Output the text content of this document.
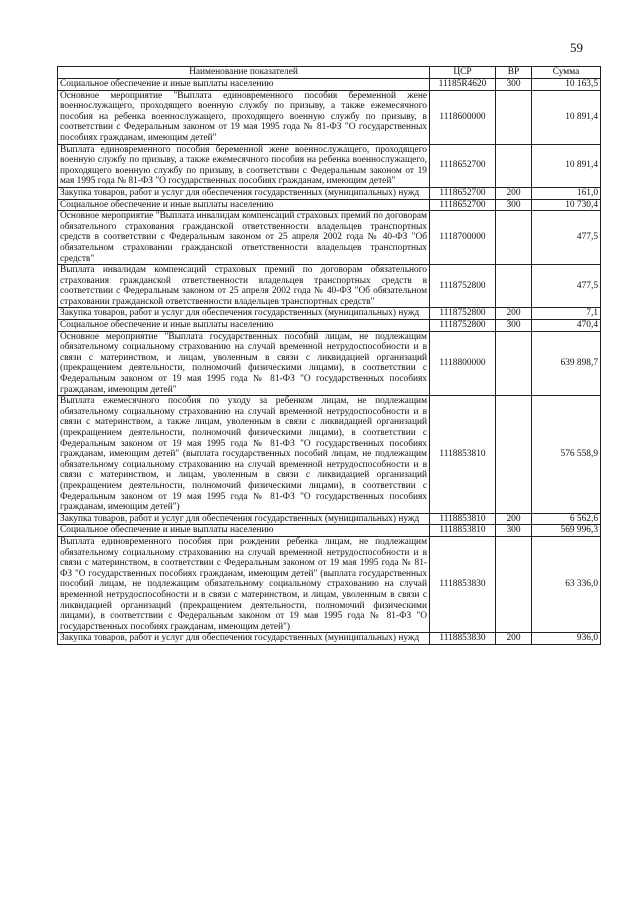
59
Наименование показателей	ЦСР	ВР	Сумма
Социальное обеспечение и иные выплаты населению	11185R4620	300	10 163,5
Основное мероприятие "Выплата единовременного пособия беременной жене военнослужащего, проходящего военную службу по призыву, а также ежемесячного пособия на ребенка военнослужащего, проходящего военную службу по призыву, в соответствии с Федеральным законом от 19 мая 1995 года № 81-ФЗ "О государственных пособиях гражданам, имеющим детей"	1118600000		10 891,4
Выплата единовременного пособия беременной жене военнослужащего, проходящего военную службу по призыву, а также ежемесячного пособия на ребенка военнослужащего, проходящего военную службу по призыву, в соответствии с Федеральным законом от 19 мая 1995 года № 81-ФЗ "О государственных пособиях гражданам, имеющим детей"	1118652700		10 891,4
Закупка товаров, работ и услуг для обеспечения государственных (муниципальных) нужд	1118652700	200	161,0
Социальное обеспечение и иные выплаты населению	1118652700	300	10 730,4
Основное мероприятие "Выплата инвалидам компенсаций страховых премий по договорам обязательного страхования гражданской ответственности владельцев транспортных средств в соответствии с Федеральным законом от 25 апреля 2002 года № 40-ФЗ "Об обязательном страховании гражданской ответственности владельцев транспортных средств"	1118700000		477,5
Выплата инвалидам компенсаций страховых премий по договорам обязательного страхования гражданской ответственности владельцев транспортных средств в соответствии с Федеральным законом от 25 апреля 2002 года № 40-ФЗ "Об обязательном страховании гражданской ответственности владельцев транспортных средств"	1118752800		477,5
Закупка товаров, работ и услуг для обеспечения государственных (муниципальных) нужд	1118752800	200	7,1
Социальное обеспечение и иные выплаты населению	1118752800	300	470,4
Основное мероприятие "Выплата государственных пособий лицам, не подлежащим обязательному социальному страхованию на случай временной нетрудоспособности и в связи с материнством, и лицам, уволенным в связи с ликвидацией организаций (прекращением деятельности, полномочий физическими лицами), в соответствии с Федеральным законом от 19 мая 1995 года № 81-ФЗ "О государственных пособиях гражданам, имеющим детей"	1118800000		639 898,7
Выплата ежемесячного пособия по уходу за ребенком лицам, не подлежащим обязательному социальному страхованию на случай временной нетрудоспособности и в связи с материнством, а также лицам, уволенным в связи с ликвидацией организаций (прекращением деятельности, полномочий физическими лицами), в соответствии с Федеральным законом от 19 мая 1995 года № 81-ФЗ "О государственных пособиях гражданам, имеющим детей" (выплата государственных пособий лицам, не подлежащим обязательному социальному страхованию на случай временной нетрудоспособности и в связи с материнством, и лицам, уволенным в связи с ликвидацией организаций (прекращением деятельности, полномочий физическими лицами), в соответствии с Федеральным законом от 19 мая 1995 года № 81-ФЗ "О государственных пособиях гражданам, имеющим детей")	1118853810		576 558,9
Закупка товаров, работ и услуг для обеспечения государственных (муниципальных) нужд	1118853810	200	6 562,6
Социальное обеспечение и иные выплаты населению	1118853810	300	569 996,3
Выплата единовременного пособия при рождении ребенка лицам, не подлежащим обязательному социальному страхованию на случай временной нетрудоспособности и в связи с материнством, в соответствии с Федеральным законом от 19 мая 1995 года № 81-ФЗ "О государственных пособиях гражданам, имеющим детей" (выплата государственных пособий лицам, не подлежащим обязательному социальному страхованию на случай временной нетрудоспособности и в связи с материнством, и лицам, уволенным в связи с ликвидацией организаций (прекращением деятельности, полномочий физическими лицами), в соответствии с Федеральным законом от 19 мая 1995 года № 81-ФЗ "О государственных пособиях гражданам, имеющим детей")	1118853830		63 336,0
Закупка товаров, работ и услуг для обеспечения государственных (муниципальных) нужд	1118853830	200	936,0
